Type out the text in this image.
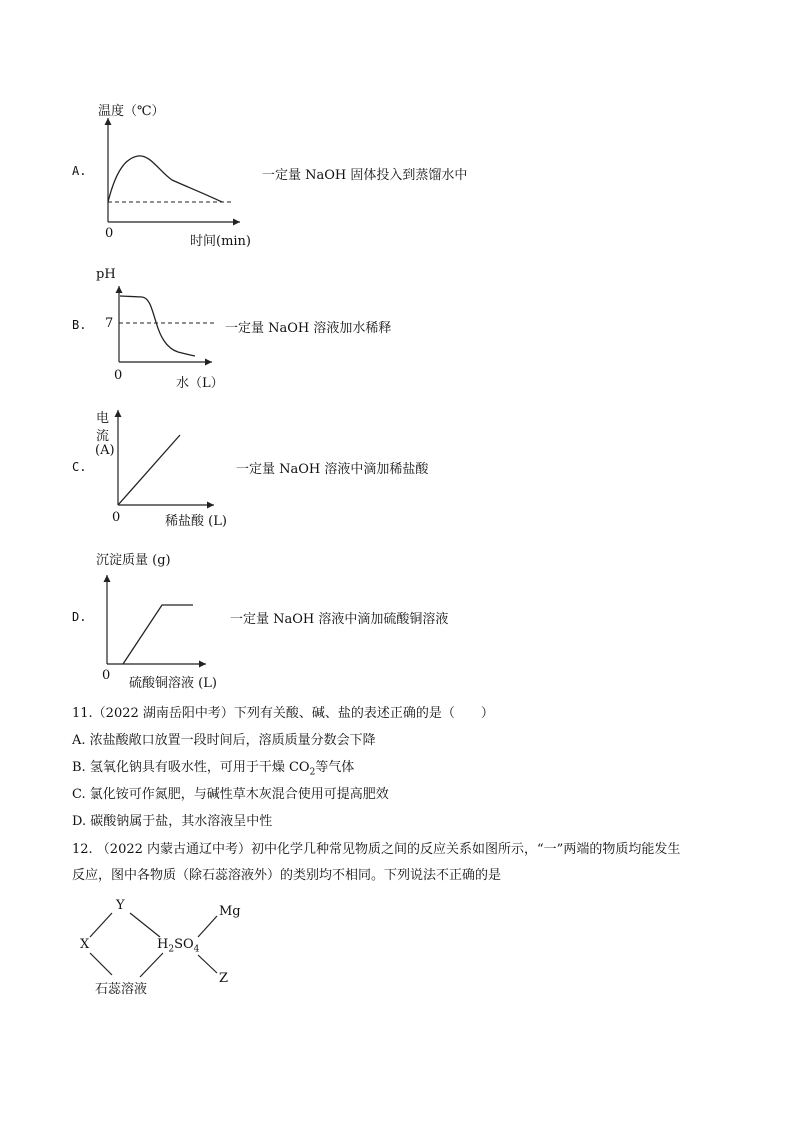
A.
温度（℃）
0
时间(min)
一定量 NaOH 固体投入到蒸馏水中
B.
pH
7
0
水（L）
一定量 NaOH 溶液加水稀释
C.
电
流
(A)
0	稀盐酸 (L)
一定量 NaOH 溶液中滴加稀盐酸
D.
沉淀质量 (g)
0
硫酸铜溶液 (L)
一定量 NaOH 溶液中滴加硫酸铜溶液
11.（2022 湖南岳阳中考）下列有关酸、碱、盐的表述正确的是（　　）
A. 浓盐酸敞口放置一段时间后，溶质质量分数会下降
B. 氢氧化钠具有吸水性，可用于干燥 $CO_2$等气体
C. 氯化铵可作氮肥，与碱性草木灰混合使用可提高肥效
D. 碳酸钠属于盐，其水溶液呈中性
12. （2022 内蒙古通辽中考）初中化学几种常见物质之间的反应关系如图所示，“一”两端的物质均能发生
反应，图中各物质（除石蕊溶液外）的类别均不相同。下列说法不正确的是
Y
X	$H_2SO_4$
Mg
Z
石蕊溶液
